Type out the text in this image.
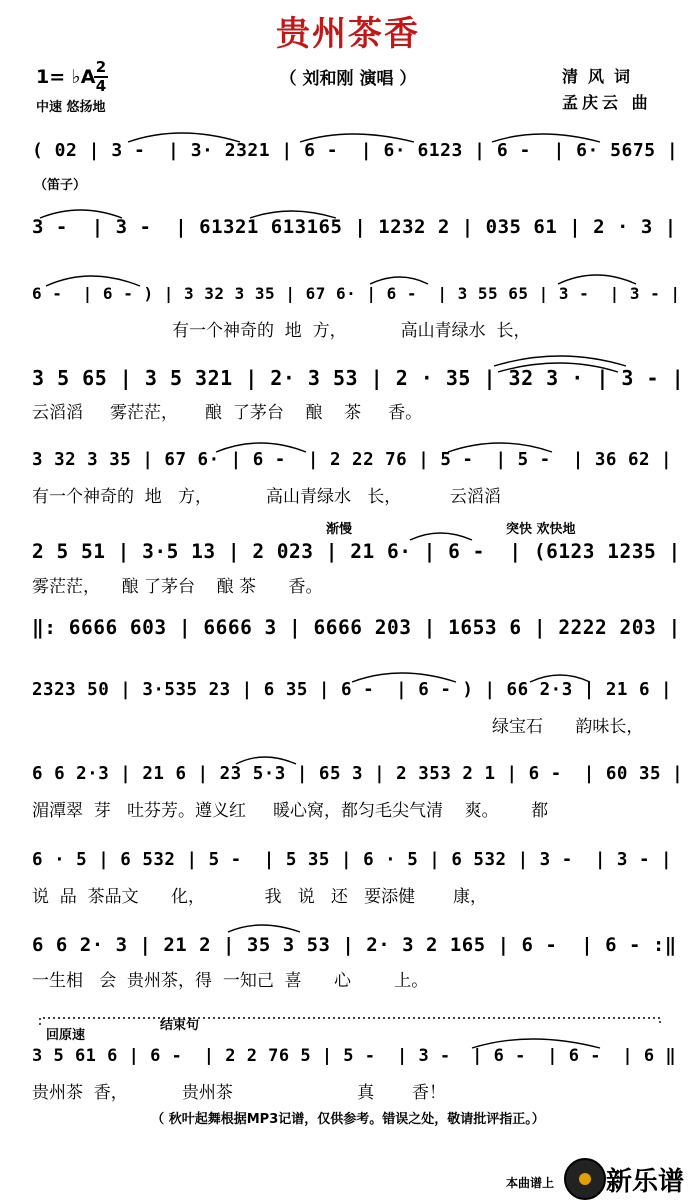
贵州茶香
（ 刘和刚 演唱 ）
1= ♭A 2
4
中速 悠扬地
清风词
孟庆云 曲
( 02 | 3 -  | 3· 2321 | 6 -  | 6· 6123 | 6 -  | 6· 5675 |
3 -  | 3 -  | 61321 613165 | 1232 2 | 035 61 | 2 · 3 |
6 -  | 6 - ) | 3 32 3 35 | 67 6· | 6 -  | 3 55 65 | 3 -  | 3 - |
有一个神奇的  地  方，          高山青绿水  长，
3 5 65 | 3 5 321 | 2· 3 53 | 2 · 35 | 32 3 · | 3 - |
云滔滔     雾茫茫，     酿  了茅台    酿    茶     香。
3 32 3 35 | 67 6· | 6 -  | 2 22 76 | 5 -  | 5 -  | 36 62 |
有一个神奇的  地   方，          高山青绿水   长，         云滔滔
2 5 51 | 3·5 13 | 2 023 | 21 6· | 6 -  | (6123 1235 |
雾茫茫，    酿 了茅台    酿 茶      香。
‖: 6666 603 | 6666 3 | 6666 203 | 1653 6 | 2222 203 |
2323 50 | 3·535 23 | 6 35 | 6 -  | 6 - ) | 66 2·3 | 21 6 |
绿宝石      韵味长，
6 6 2·3 | 21 6 | 23 5·3 | 65 3 | 2 353 2 1 | 6 -  | 60 35 |
湄潭翠  芽   吐芬芳。遵义红     暖心窝，都匀毛尖气清    爽。      都
6 · 5 | 6 532 | 5 -  | 5 35 | 6 · 5 | 6 532 | 3 -  | 3 - |
说  品  茶品文      化，           我   说   还   要添健       康，
6 6 2· 3 | 21 2 | 35 3 53 | 2· 3 2 165 | 6 -  | 6 - :‖
一生相   会  贵州茶，得  一知己  喜      心        上。
3 5 61 6 | 6 -  | 2 2 76 5 | 5 -  | 3 -  | 6 -  | 6 -  | 6 ‖
贵州茶  香，          贵州茶                       真       香！
（笛子）
渐慢	突快 欢快地
回原速
结束句
（ 秋叶起舞根据MP3记谱，仅供参考。错误之处，敬请批评指正。）
本曲谱上 新乐谱
